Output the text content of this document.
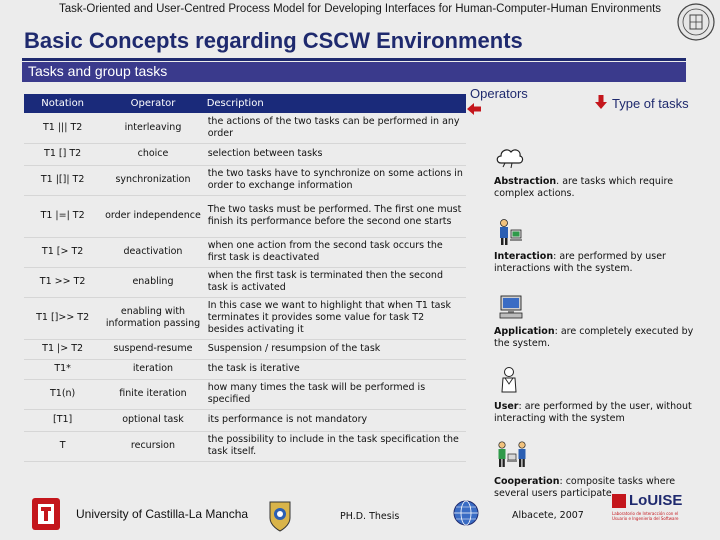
Task-Oriented and User-Centred Process Model for Developing Interfaces for Human-Computer-Human Environments
Basic Concepts regarding CSCW Environments
Tasks and group tasks
Operators
Type of tasks
Notation	Operator	Description
T1 ||| T2	interleaving	the actions of the two tasks can be performed in any order
T1 [] T2	choice	selection between tasks
T1 |[]| T2	synchronization	the two tasks have to synchronize on some actions in order to exchange information
T1 |=| T2	order independence	The two tasks must be performed. The first one must finish its performance before the second one starts
T1 [> T2	deactivation	when one action from the second task occurs the first task is deactivated
T1 >> T2	enabling	when the first task is terminated then the second task is activated
T1 []>> T2	enabling with information passing	In this case we want to highlight that when T1 task terminates it provides some value for task T2 besides activating it
T1 |> T2	suspend-resume	Suspension / resumpsion of the task
T1*	iteration	the task is iterative
T1(n)	finite iteration	how many times the task will be performed is specified
[T1]	optional task	its performance is not mandatory
T	recursion	the possibility to include in the task specification the task itself.
Abstraction. are tasks which require complex actions.
Interaction: are performed by user interactions with the system.
Application: are completely executed by the system.
User: are performed by the user, without interacting with the system
Cooperation: composite tasks where several users participate
University of Castilla-La Mancha	PH.D. Thesis	Albacete, 2007
LoUISE
Laboratorio de Interacción con el Usuario e Ingeniería del Software
